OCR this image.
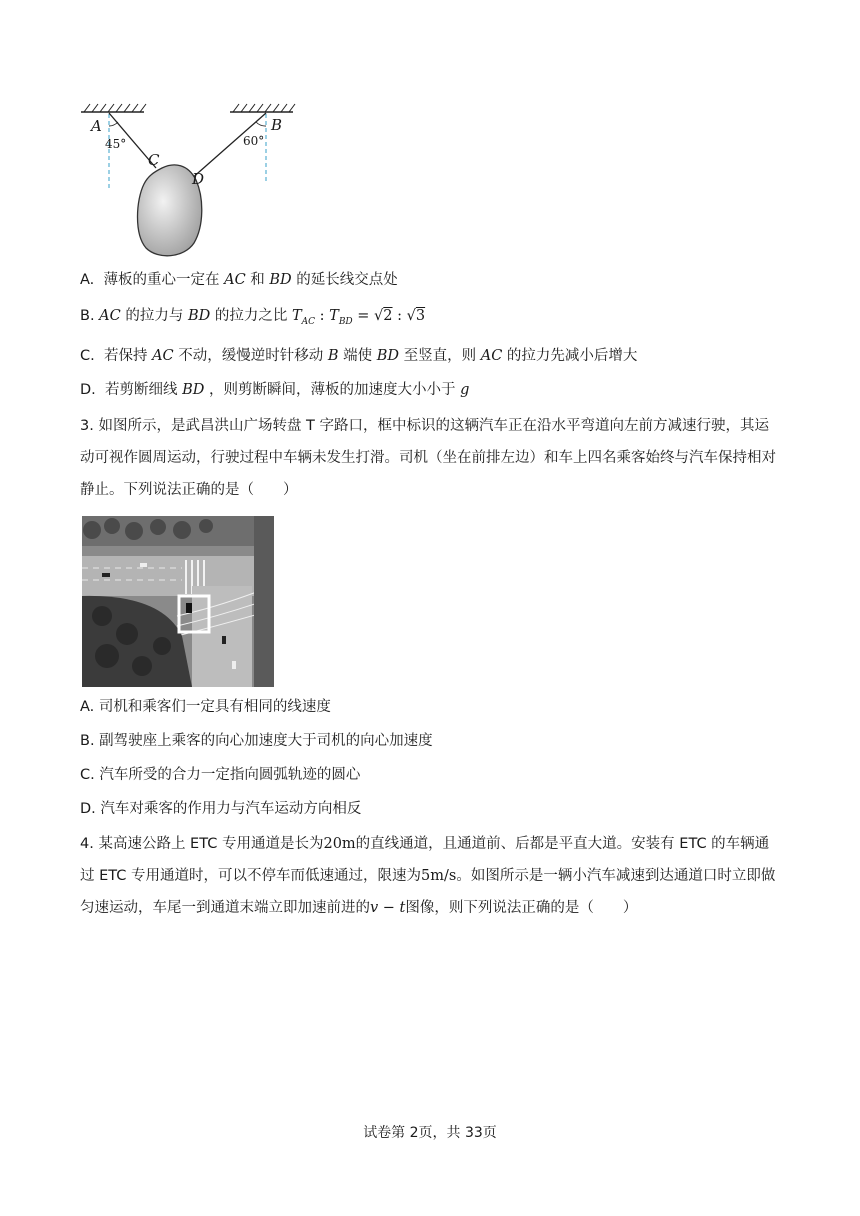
A	B
C
D
45°	60°
A. 薄板的重心一定在 AC 和 BD 的延长线交点处
B. AC 的拉力与 BD 的拉力之比 $T_{AC}$ : $T_{BD} = √2$ : √3
C. 若保持 AC 不动，缓慢逆时针移动 B 端使 BD 至竖直，则 AC 的拉力先减小后增大
D. 若剪断细线 BD ，则剪断瞬间，薄板的加速度大小小于 g
3. 如图所示，是武昌洪山广场转盘 T 字路口，框中标识的这辆汽车正在沿水平弯道向左前方减速行驶，其运动可视作圆周运动，行驶过程中车辆未发生打滑。司机（坐在前排左边）和车上四名乘客始终与汽车保持相对静止。下列说法正确的是（　　）
A. 司机和乘客们一定具有相同的线速度
B. 副驾驶座上乘客的向心加速度大于司机的向心加速度
C. 汽车所受的合力一定指向圆弧轨迹的圆心
D. 汽车对乘客的作用力与汽车运动方向相反
4. 某高速公路上 ETC 专用通道是长为20m的直线通道，且通道前、后都是平直大道。安装有 ETC 的车辆通过 ETC 专用通道时，可以不停车而低速通过，限速为5m/s。如图所示是一辆小汽车减速到达通道口时立即做匀速运动，车尾一到通道末端立即加速前进的v − t图像，则下列说法正确的是（　　）
试卷第 2页，共 33页
